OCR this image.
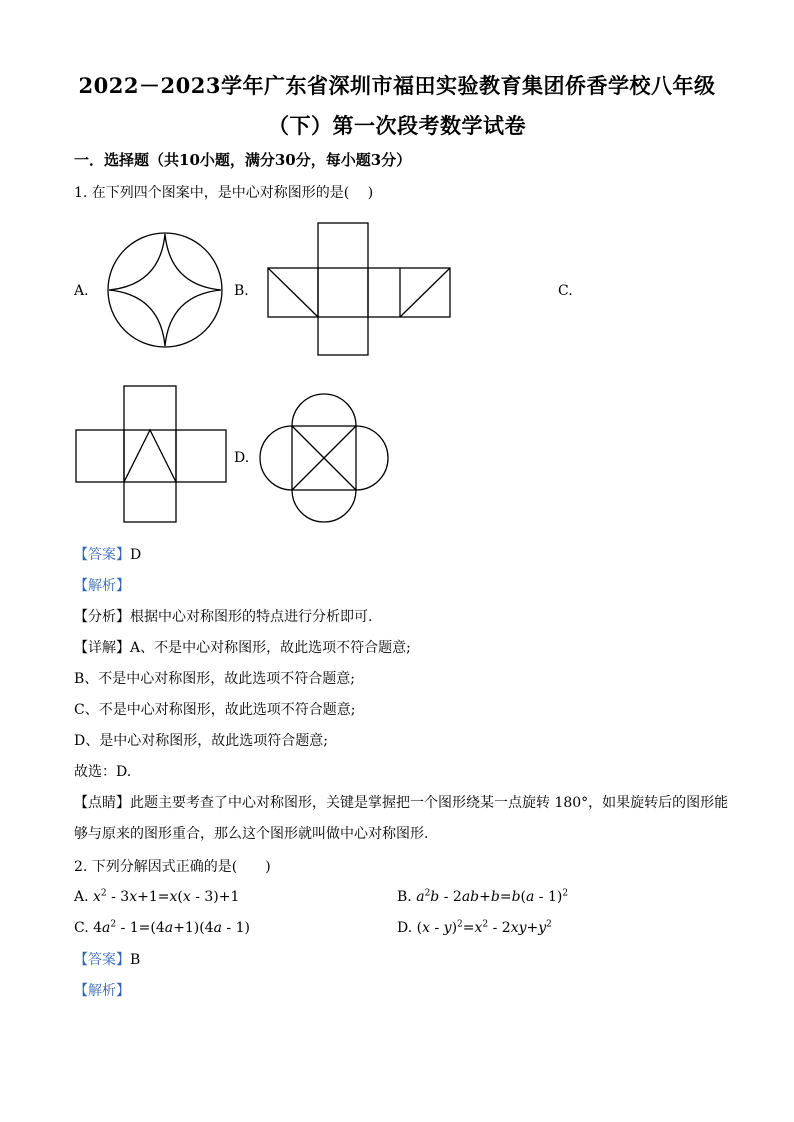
2022－2023学年广东省深圳市福田实验教育集团侨香学校八年级
（下）第一次段考数学试卷
一．选择题（共10小题，满分30分，每小题3分）
1. 在下列四个图案中，是中心对称图形的是(　 )
A.	B.	C.
D.
【答案】D
【解析】
【分析】根据中心对称图形的特点进行分析即可.
【详解】A、不是中心对称图形，故此选项不符合题意;
B、不是中心对称图形，故此选项不符合题意;
C、不是中心对称图形，故此选项不符合题意;
D、是中心对称图形，故此选项符合题意;
故选：D.
【点睛】此题主要考查了中心对称图形，关键是掌握把一个图形绕某一点旋转 180°，如果旋转后的图形能
够与原来的图形重合，那么这个图形就叫做中心对称图形.
2. 下列分解因式正确的是(　　)
A. $x^2 - 3x+1=x(x - 3)+1$	B. $a^2b - 2ab+b=b(a - 1)^2$
C. $4a^2 - 1=(4a+1)(4a - 1)$	D. $(x - y)^2=x^2 - 2xy+y^2$
【答案】B
【解析】
